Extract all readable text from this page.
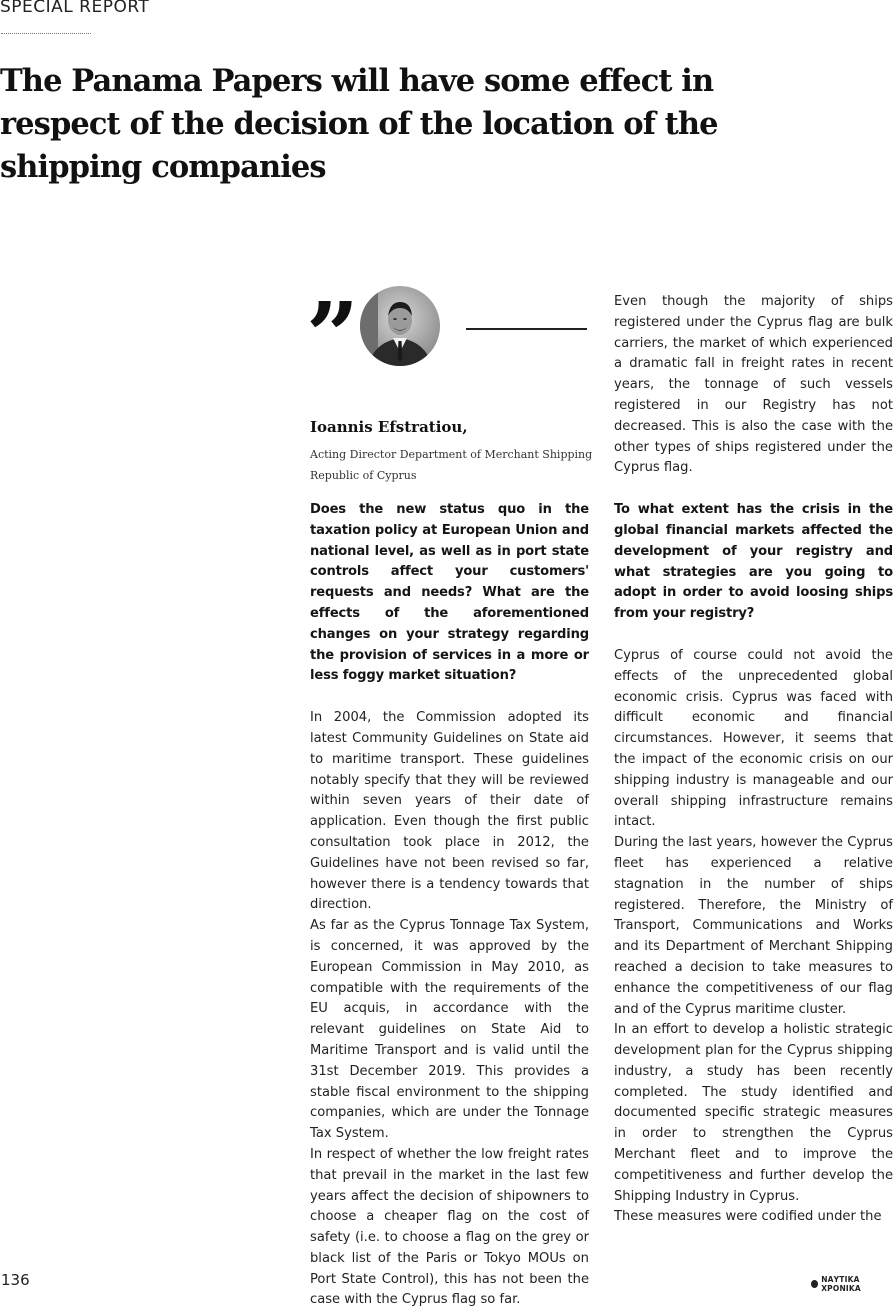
SPECIAL REPORT
The Panama Papers will have some effect in respect of the decision of the location of the shipping companies
”
Ioannis Efstratiou,
Acting Director Department of Merchant Shipping
Republic of Cyprus

Does the new status quo in the taxation policy at European Union and national level, as well as in port state controls affect your customers' requests and needs? What are the effects of the aforementioned changes on your strategy regarding the provision of services in a more or less foggy market situation?

In 2004, the Commission adopted its latest Community Guidelines on State aid to maritime transport. These guidelines notably specify that they will be reviewed within seven years of their date of application. Even though the first public consultation took place in 2012, the Guidelines have not been revised so far, however there is a tendency towards that direction.

As far as the Cyprus Tonnage Tax System, is concerned, it was approved by the European Commission in May 2010, as compatible with the requirements of the EU acquis, in accordance with the relevant guidelines on State Aid to Maritime Transport and is valid until the 31st December 2019. This provides a stable fiscal environment to the shipping companies, which are under the Tonnage Tax System.

In respect of whether the low freight rates that prevail in the market in the last few years affect the decision of shipowners to choose a cheaper flag on the cost of safety (i.e. to choose a flag on the grey or black list of the Paris or Tokyo MOUs on Port State Control), this has not been the case with the Cyprus flag so far.

Even though the majority of ships registered under the Cyprus flag are bulk carriers, the market of which experienced a dramatic fall in freight rates in recent years, the tonnage of such vessels registered in our Registry has not decreased. This is also the case with the other types of ships registered under the Cyprus flag.

To what extent has the crisis in the global financial markets affected the development of your registry and what strategies are you going to adopt in order to avoid loosing ships from your registry?

Cyprus of course could not avoid the effects of the unprecedented global economic crisis. Cyprus was faced with difficult economic and financial circumstances. However, it seems that the impact of the economic crisis on our shipping industry is manageable and our overall shipping infrastructure remains intact.

During the last years, however the Cyprus fleet has experienced a relative stagnation in the number of ships registered. Therefore, the Ministry of Transport, Communications and Works and its Department of Merchant Shipping reached a decision to take measures to enhance the competitiveness of our flag and of the Cyprus maritime cluster.

In an effort to develop a holistic strategic development plan for the Cyprus shipping industry, a study has been recently completed. The study identified and documented specific strategic measures in order to strengthen the Cyprus Merchant fleet and to improve the competitiveness and further develop the Shipping Industry in Cyprus.

These measures were codified under the

136	ΝΑΥΤΙΚΑ ΧΡΟΝΙΚΑ
